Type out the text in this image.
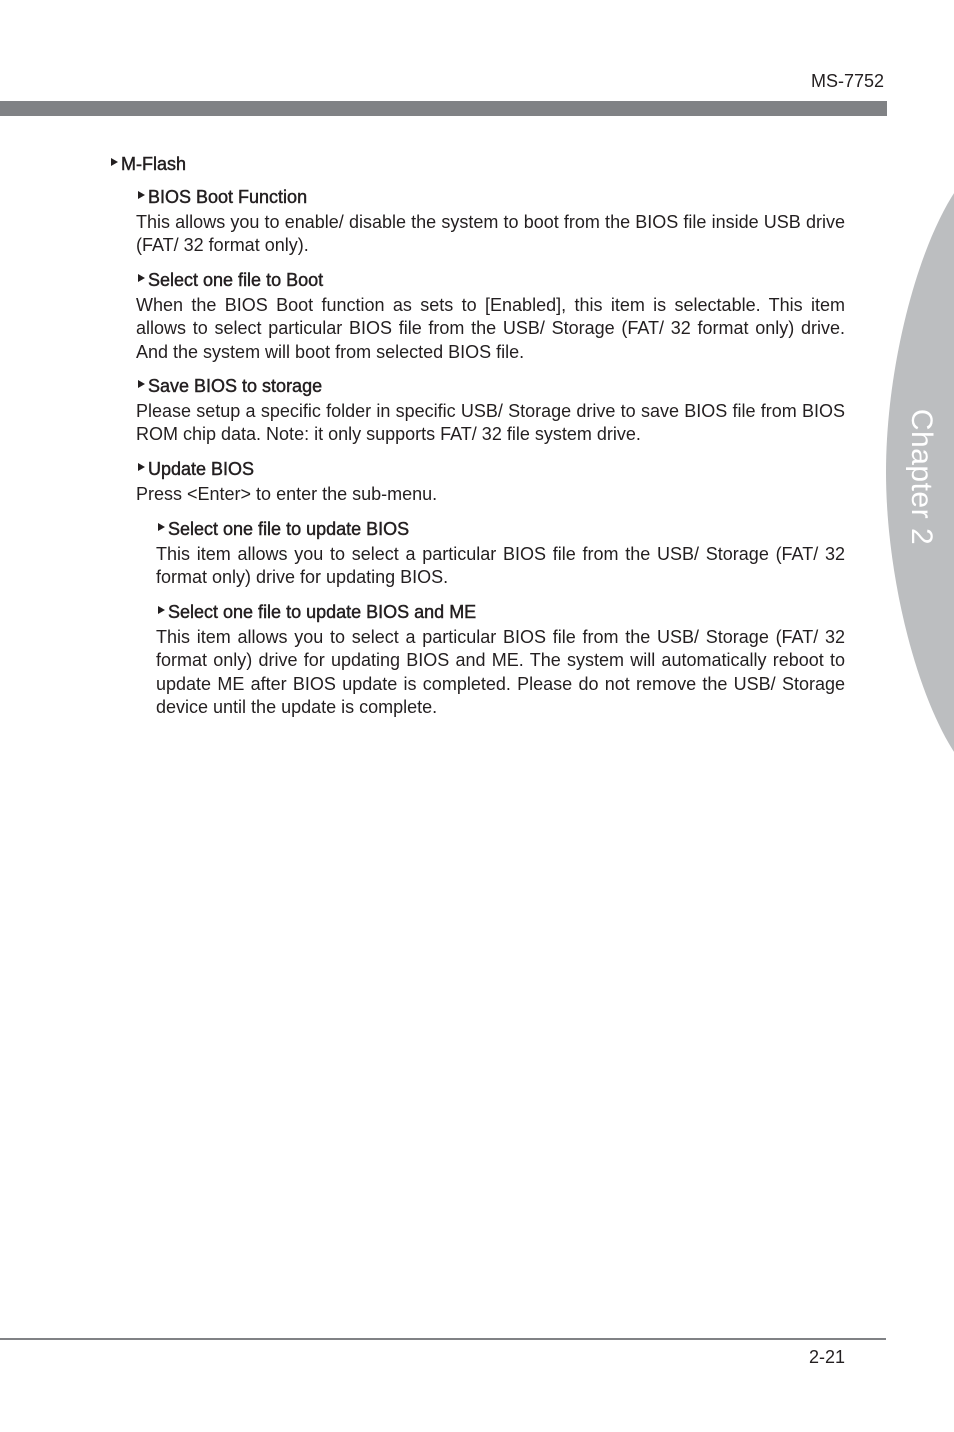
MS-7752
Chapter 2
M-Flash
BIOS Boot Function
This allows you to enable/ disable the system to boot from the BIOS file inside USB drive (FAT/ 32 format only).
Select one file to Boot
When the BIOS Boot function as sets to [Enabled], this item is selectable. This item allows to select particular BIOS file from the USB/ Storage (FAT/ 32 format only) drive. And the system will boot from selected BIOS file.
Save BIOS to storage
Please setup a specific folder in specific USB/ Storage drive to save BIOS file from BIOS ROM chip data. Note: it only supports FAT/ 32 file system drive.
Update BIOS
Press <Enter> to enter the sub-menu.
Select one file to update BIOS
This item allows you to select a particular BIOS file from the USB/ Storage (FAT/ 32 format only) drive for updating BIOS.
Select one file to update BIOS and ME
This item allows you to select a particular BIOS file from the USB/ Storage (FAT/ 32 format only) drive for updating BIOS and ME. The system will automatically reboot to update ME after BIOS update is completed. Please do not remove the USB/ Storage device until the update is complete.
2-21
